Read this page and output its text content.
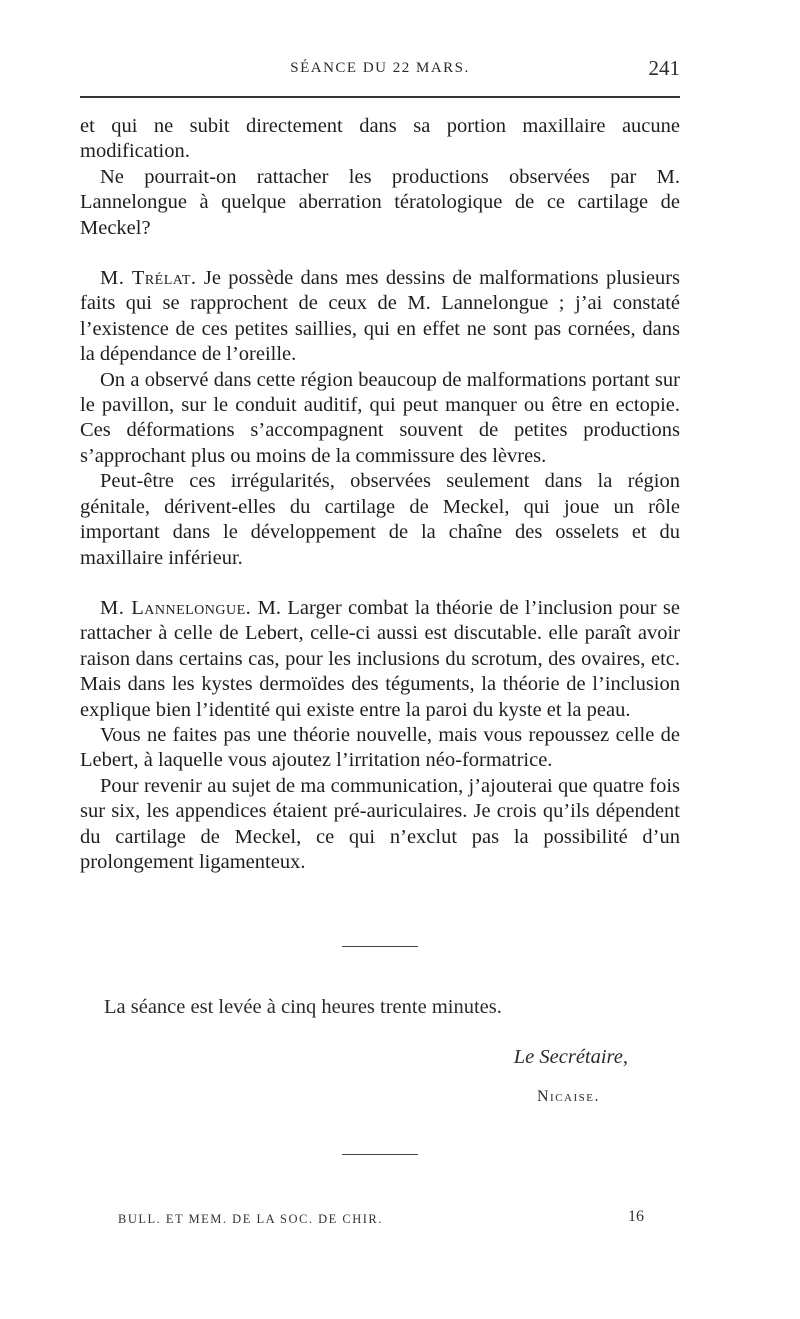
SÉANCE DU 22 MARS.	241

et qui ne subit directement dans sa portion maxillaire aucune modification.

Ne pourrait-on rattacher les productions observées par M. Lannelongue à quelque aberration tératologique de ce cartilage de Meckel?

M. Trélat. Je possède dans mes dessins de malformations plusieurs faits qui se rapprochent de ceux de M. Lannelongue ; j’ai constaté l’existence de ces petites saillies, qui en effet ne sont pas cornées, dans la dépendance de l’oreille.

On a observé dans cette région beaucoup de malformations portant sur le pavillon, sur le conduit auditif, qui peut manquer ou être en ectopie. Ces déformations s’accompagnent souvent de petites productions s’approchant plus ou moins de la commissure des lèvres.

Peut-être ces irrégularités, observées seulement dans la région génitale, dérivent-elles du cartilage de Meckel, qui joue un rôle important dans le développement de la chaîne des osselets et du maxillaire inférieur.

M. Lannelongue. M. Larger combat la théorie de l’inclusion pour se rattacher à celle de Lebert, celle-ci aussi est discutable. elle paraît avoir raison dans certains cas, pour les inclusions du scrotum, des ovaires, etc. Mais dans les kystes dermoïdes des téguments, la théorie de l’inclusion explique bien l’identité qui existe entre la paroi du kyste et la peau.

Vous ne faites pas une théorie nouvelle, mais vous repoussez celle de Lebert, à laquelle vous ajoutez l’irritation néo-formatrice.

Pour revenir au sujet de ma communication, j’ajouterai que quatre fois sur six, les appendices étaient pré-auriculaires. Je crois qu’ils dépendent du cartilage de Meckel, ce qui n’exclut pas la possibilité d’un prolongement ligamenteux.

La séance est levée à cinq heures trente minutes.
Le Secrétaire,
Nicaise.
BULL. ET MEM. DE LA SOC. DE CHIR.	16
